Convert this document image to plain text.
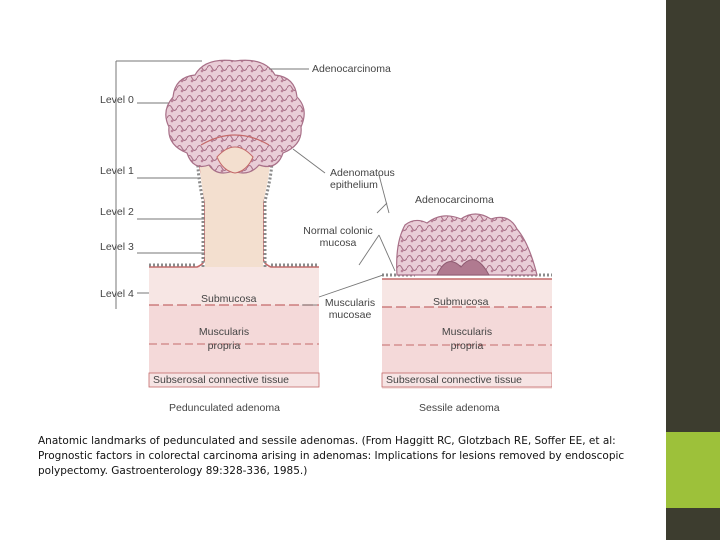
Level 0
Level 1
Level 2
Level 3
Level 4
Adenocarcinoma
Adenomatous
epithelium
Adenocarcinoma
Normal colonic
mucosa
Submucosa	Muscularis
mucosae
Submucosa
Muscularis
propria
Muscularis
propria
Subserosal connective tissue	Subserosal connective tissue
Pedunculated adenoma	Sessile adenoma
Anatomic landmarks of pedunculated and sessile adenomas. (From Haggitt RC, Glotzbach RE, Soffer EE, et al: Prognostic factors in colorectal carcinoma arising in adenomas: Implications for lesions removed by endoscopic polypectomy. Gastroenterology 89:328-336, 1985.)
